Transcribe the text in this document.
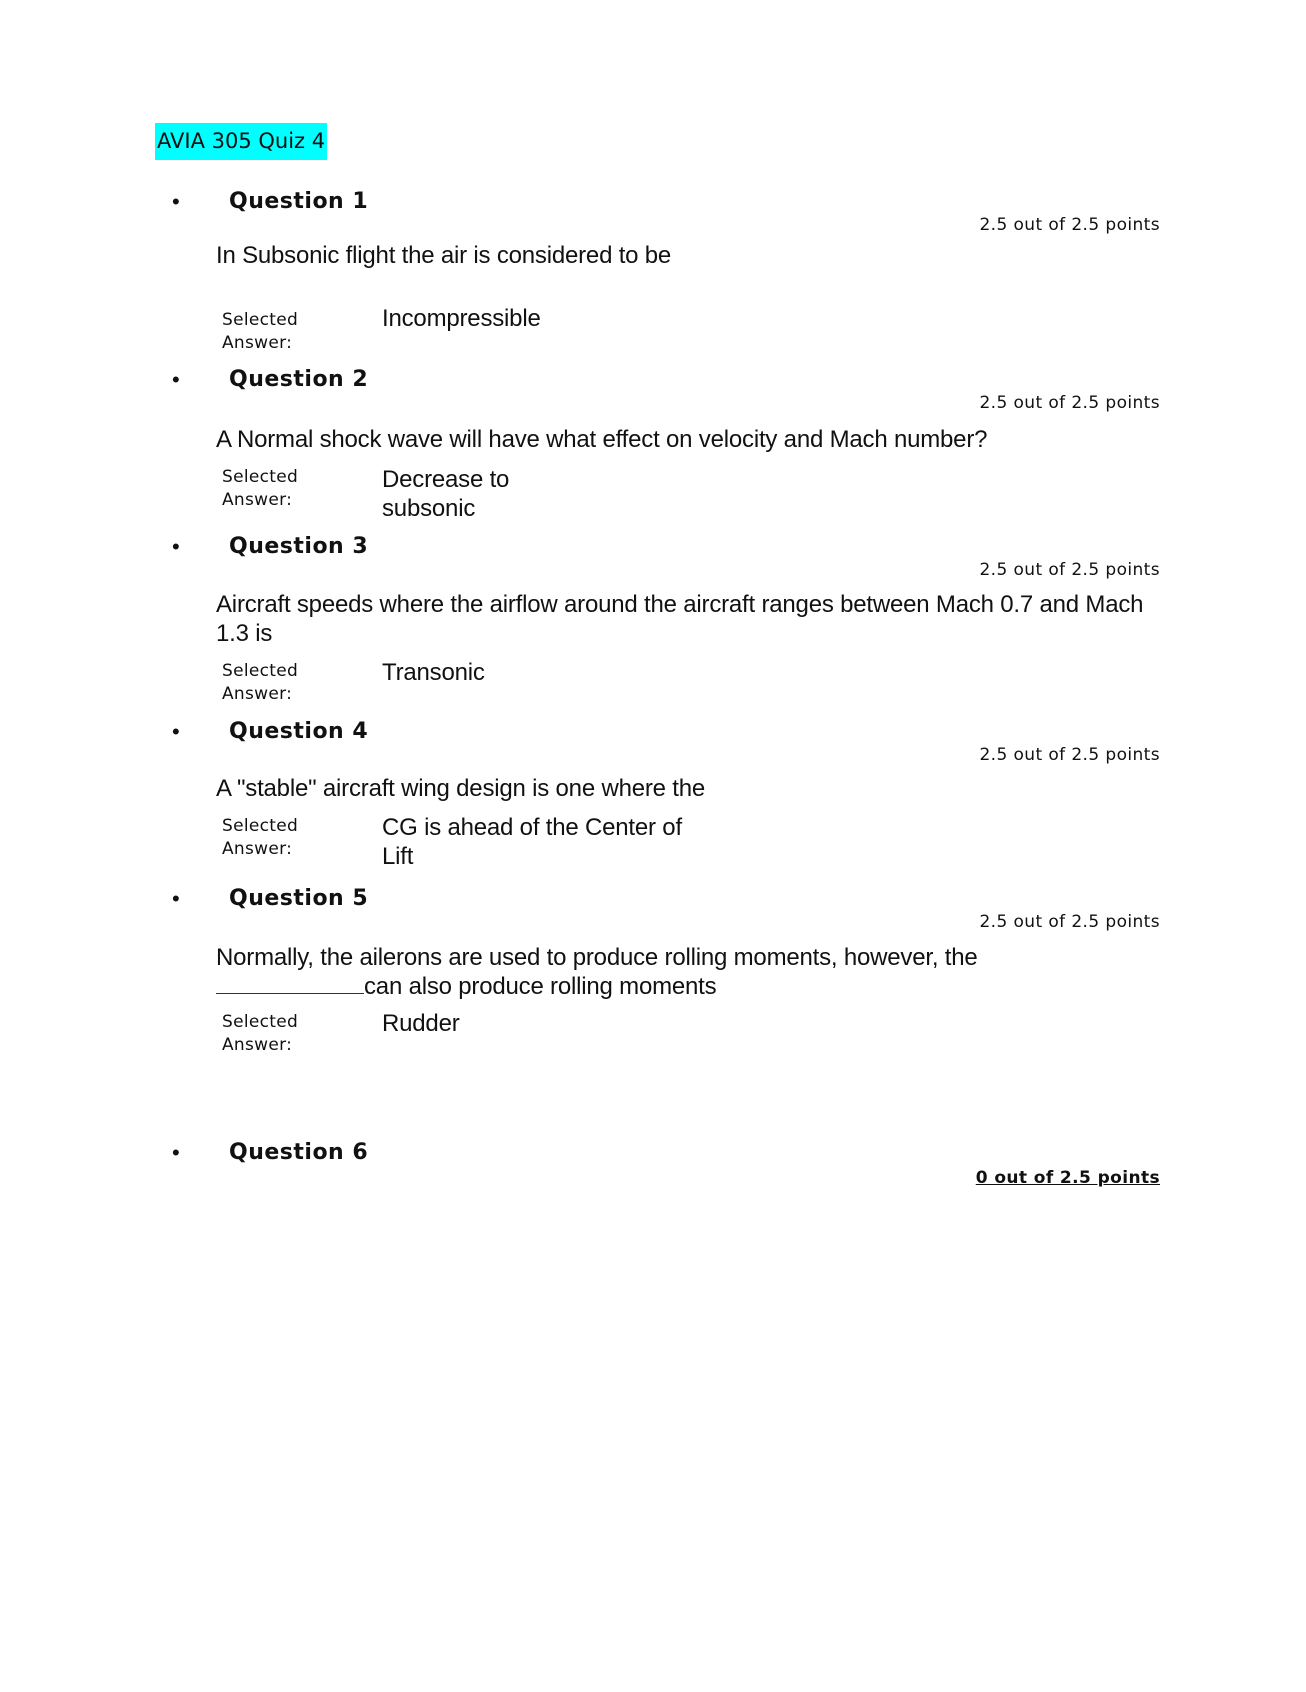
AVIA 305 Quiz 4
• Question 1
2.5 out of 2.5 points
In Subsonic flight the air is considered to be
Selected Answer:
Incompressible
• Question 2
2.5 out of 2.5 points
A Normal shock wave will have what effect on velocity and Mach number?
Selected Answer:
Decrease to subsonic
• Question 3
2.5 out of 2.5 points
Aircraft speeds where the airflow around the aircraft ranges between Mach 0.7 and Mach 1.3 is
Selected Answer:
Transonic
• Question 4
2.5 out of 2.5 points
A "stable" aircraft wing design is one where the
Selected Answer:
CG is ahead of the Center of Lift
• Question 5
2.5 out of 2.5 points
Normally, the ailerons are used to produce rolling moments, however, the can also produce rolling moments
Selected Answer:
Rudder
• Question 6
0 out of 2.5 points
